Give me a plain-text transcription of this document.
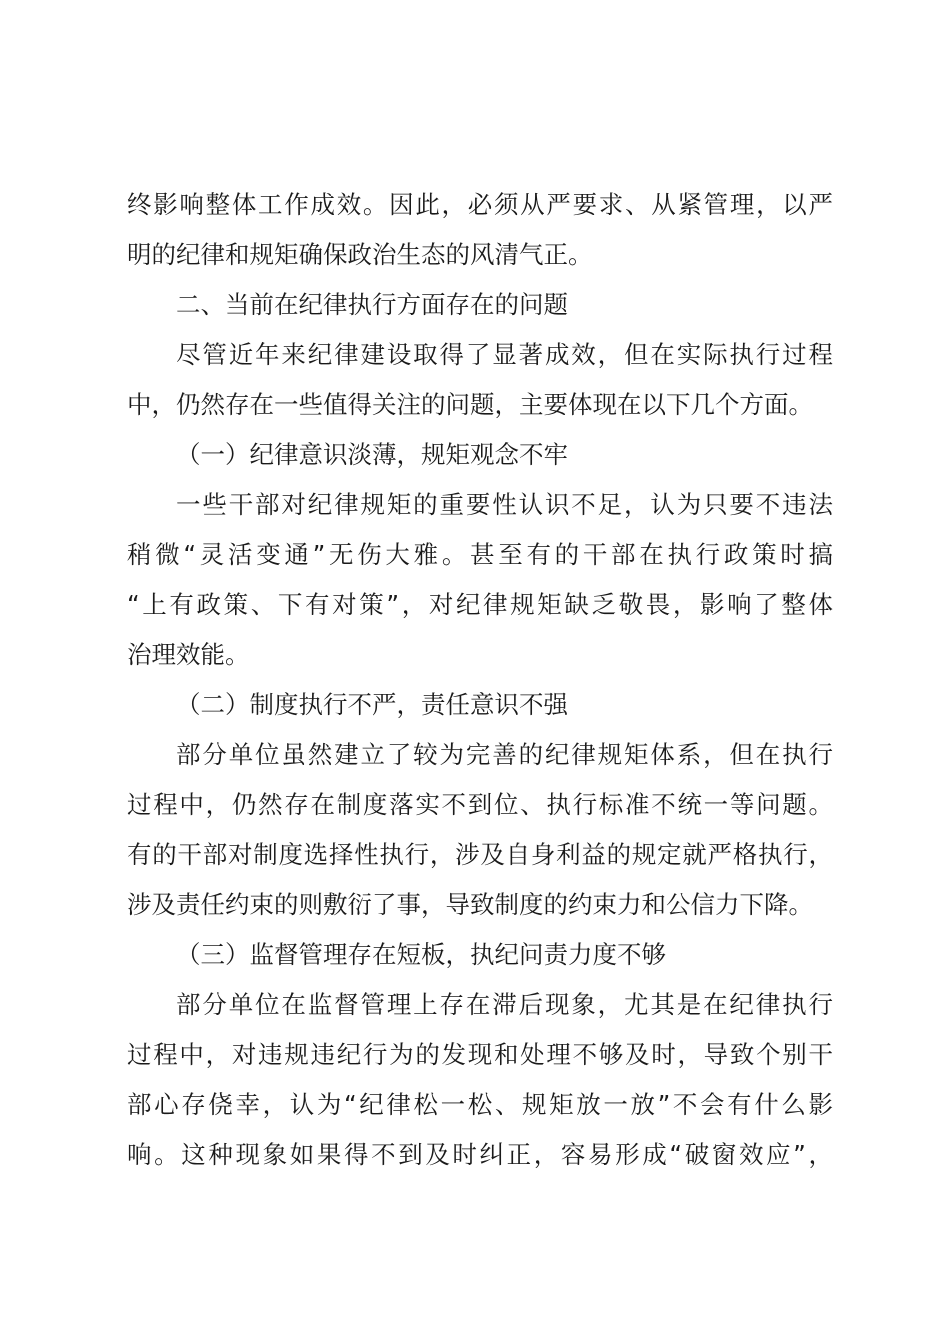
终影响整体工作成效。因此，必须从严要求、从紧管理，以严
明的纪律和规矩确保政治生态的风清气正。
二、当前在纪律执行方面存在的问题
尽管近年来纪律建设取得了显著成效，但在实际执行过程
中，仍然存在一些值得关注的问题，主要体现在以下几个方面。
（一）纪律意识淡薄，规矩观念不牢
一些干部对纪律规矩的重要性认识不足，认为只要不违法
稍微“灵活变通”无伤大雅。甚至有的干部在执行政策时搞
“上有政策、下有对策”，对纪律规矩缺乏敬畏，影响了整体
治理效能。
（二）制度执行不严，责任意识不强
部分单位虽然建立了较为完善的纪律规矩体系，但在执行
过程中，仍然存在制度落实不到位、执行标准不统一等问题。
有的干部对制度选择性执行，涉及自身利益的规定就严格执行，
涉及责任约束的则敷衍了事，导致制度的约束力和公信力下降。
（三）监督管理存在短板，执纪问责力度不够
部分单位在监督管理上存在滞后现象，尤其是在纪律执行
过程中，对违规违纪行为的发现和处理不够及时，导致个别干
部心存侥幸，认为“纪律松一松、规矩放一放”不会有什么影
响。这种现象如果得不到及时纠正，容易形成“破窗效应”，
